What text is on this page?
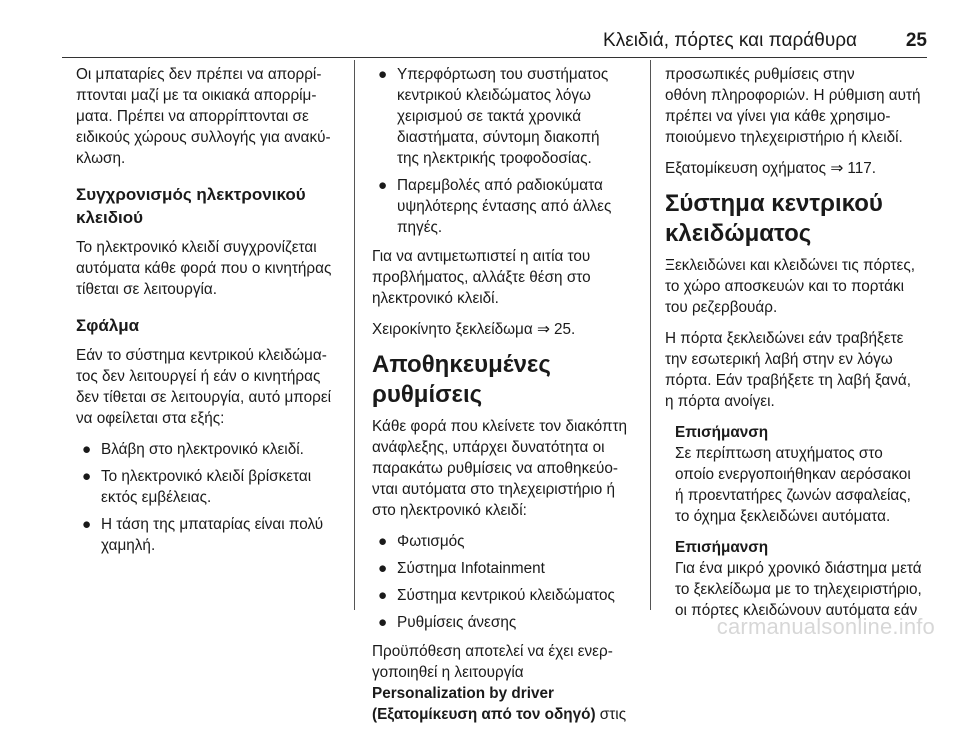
Κλειδιά, πόρτες και παράθυρα	25

Οι μπαταρίες δεν πρέπει να απορρί-
πτονται μαζί με τα οικιακά απορρίμ-
ματα. Πρέπει να απορρίπτονται σε
ειδικούς χώρους συλλογής για ανακύ-
κλωση.

Συγχρονισμός ηλεκτρονικού
κλειδιού

Το ηλεκτρονικό κλειδί συγχρονίζεται
αυτόματα κάθε φορά που ο κινητήρας
τίθεται σε λειτουργία.

Σφάλμα

Εάν το σύστημα κεντρικού κλειδώμα-
τος δεν λειτουργεί ή εάν ο κινητήρας
δεν τίθεται σε λειτουργία, αυτό μπορεί
να οφείλεται στα εξής:

● Βλάβη στο ηλεκτρονικό κλειδί.
● Το ηλεκτρονικό κλειδί βρίσκεται
εκτός εμβέλειας.
● Η τάση της μπαταρίας είναι πολύ
χαμηλή.
● Υπερφόρτωση του συστήματος
κεντρικού κλειδώματος λόγω
χειρισμού σε τακτά χρονικά
διαστήματα, σύντομη διακοπή
της ηλεκτρικής τροφοδοσίας.
● Παρεμβολές από ραδιοκύματα
υψηλότερης έντασης από άλλες
πηγές.

Για να αντιμετωπιστεί η αιτία του
προβλήματος, αλλάξτε θέση στο
ηλεκτρονικό κλειδί.

Χειροκίνητο ξεκλείδωμα ⇒ 25.

Αποθηκευμένες ρυθμίσεις

Κάθε φορά που κλείνετε τον διακόπτη
ανάφλεξης, υπάρχει δυνατότητα οι
παρακάτω ρυθμίσεις να αποθηκεύο-
νται αυτόματα στο τηλεχειριστήριο ή
στο ηλεκτρονικό κλειδί:

● Φωτισμός
● Σύστημα Infotainment
● Σύστημα κεντρικού κλειδώματος
● Ρυθμίσεις άνεσης

Προϋπόθεση αποτελεί να έχει ενερ-
γοποιηθεί η λειτουργία
Personalization by driver
(Εξατομίκευση από τον οδηγό) στις

προσωπικές ρυθμίσεις στην
οθόνη πληροφοριών. Η ρύθμιση αυτή
πρέπει να γίνει για κάθε χρησιμο-
ποιούμενο τηλεχειριστήριο ή κλειδί.

Εξατομίκευση οχήματος ⇒ 117.

Σύστημα κεντρικού
κλειδώματος

Ξεκλειδώνει και κλειδώνει τις πόρτες,
το χώρο αποσκευών και το πορτάκι
του ρεζερβουάρ.

Η πόρτα ξεκλειδώνει εάν τραβήξετε
την εσωτερική λαβή στην εν λόγω
πόρτα. Εάν τραβήξετε τη λαβή ξανά,
η πόρτα ανοίγει.

Επισήμανση
Σε περίπτωση ατυχήματος στο
οποίο ενεργοποιήθηκαν αερόσακοι
ή προεντατήρες ζωνών ασφαλείας,
το όχημα ξεκλειδώνει αυτόματα.
Επισήμανση
Για ένα μικρό χρονικό διάστημα μετά
το ξεκλείδωμα με το τηλεχειριστήριο,
οι πόρτες κλειδώνουν αυτόματα εάν
carmanualsonline.info
